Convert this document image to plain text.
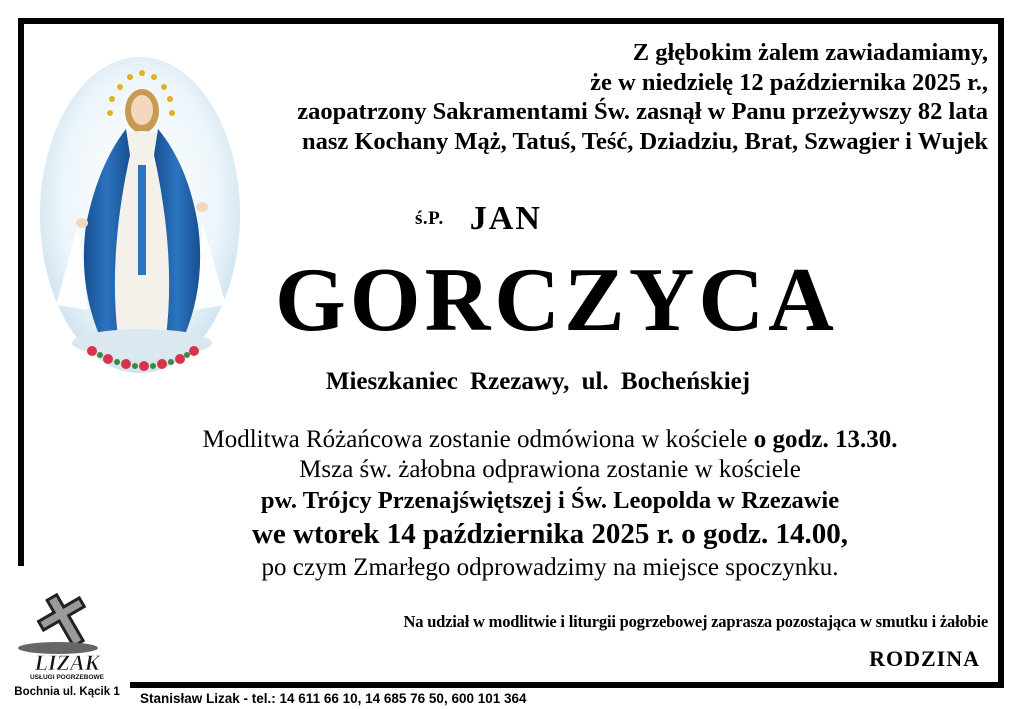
Z głębokim żalem zawiadamiamy,
że w niedzielę 12 października 2025 r.,
zaopatrzony Sakramentami Św. zasnął w Panu przeżywszy 82 lata
nasz Kochany Mąż, Tatuś, Teść, Dziadziu, Brat, Szwagier i Wujek
ś.P. JAN
GORCZYCA
Mieszkaniec Rzezawy, ul. Bocheńskiej
Modlitwa Różańcowa zostanie odmówiona w kościele o godz. 13.30.
Msza św. żałobna odprawiona zostanie w kościele
pw. Trójcy Przenajświętszej i Św. Leopolda w Rzezawie
we wtorek 14 października 2025 r. o godz. 14.00,
po czym Zmarłego odprowadzimy na miejsce spoczynku.
Na udział w modlitwie i liturgii pogrzebowej zaprasza pozostająca w smutku i żałobie
RODZINA
LIZAK
USŁUGI POGRZEBOWE
Bochnia ul. Kącik 1	Stanisław Lizak - tel.: 14 611 66 10, 14 685 76 50, 600 101 364
